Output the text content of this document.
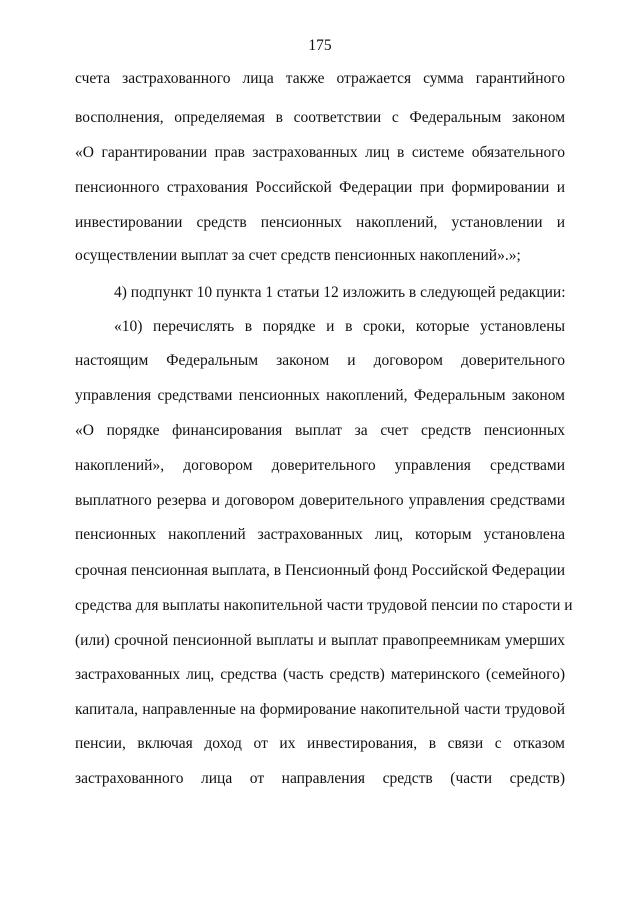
175
счета застрахованного лица также отражается сумма гарантийного
восполнения, определяемая в соответствии с Федеральным законом
«О гарантировании прав застрахованных лиц в системе обязательного
пенсионного страхования Российской Федерации при формировании и
инвестировании средств пенсионных накоплений, установлении и
осуществлении выплат за счет средств пенсионных накоплений».»;
4) подпункт 10 пункта 1 статьи 12 изложить в следующей редакции:
«10) перечислять в порядке и в сроки, которые установлены
настоящим Федеральным законом и договором доверительного
управления средствами пенсионных накоплений, Федеральным законом
«О порядке финансирования выплат за счет средств пенсионных
накоплений», договором доверительного управления средствами
выплатного резерва и договором доверительного управления средствами
пенсионных накоплений застрахованных лиц, которым установлена
срочная пенсионная выплата, в Пенсионный фонд Российской Федерации
средства для выплаты накопительной части трудовой пенсии по старости и
(или) срочной пенсионной выплаты и выплат правопреемникам умерших
застрахованных лиц, средства (часть средств) материнского (семейного)
капитала, направленные на формирование накопительной части трудовой
пенсии, включая доход от их инвестирования, в связи с отказом
застрахованного лица от направления средств (части средств)
